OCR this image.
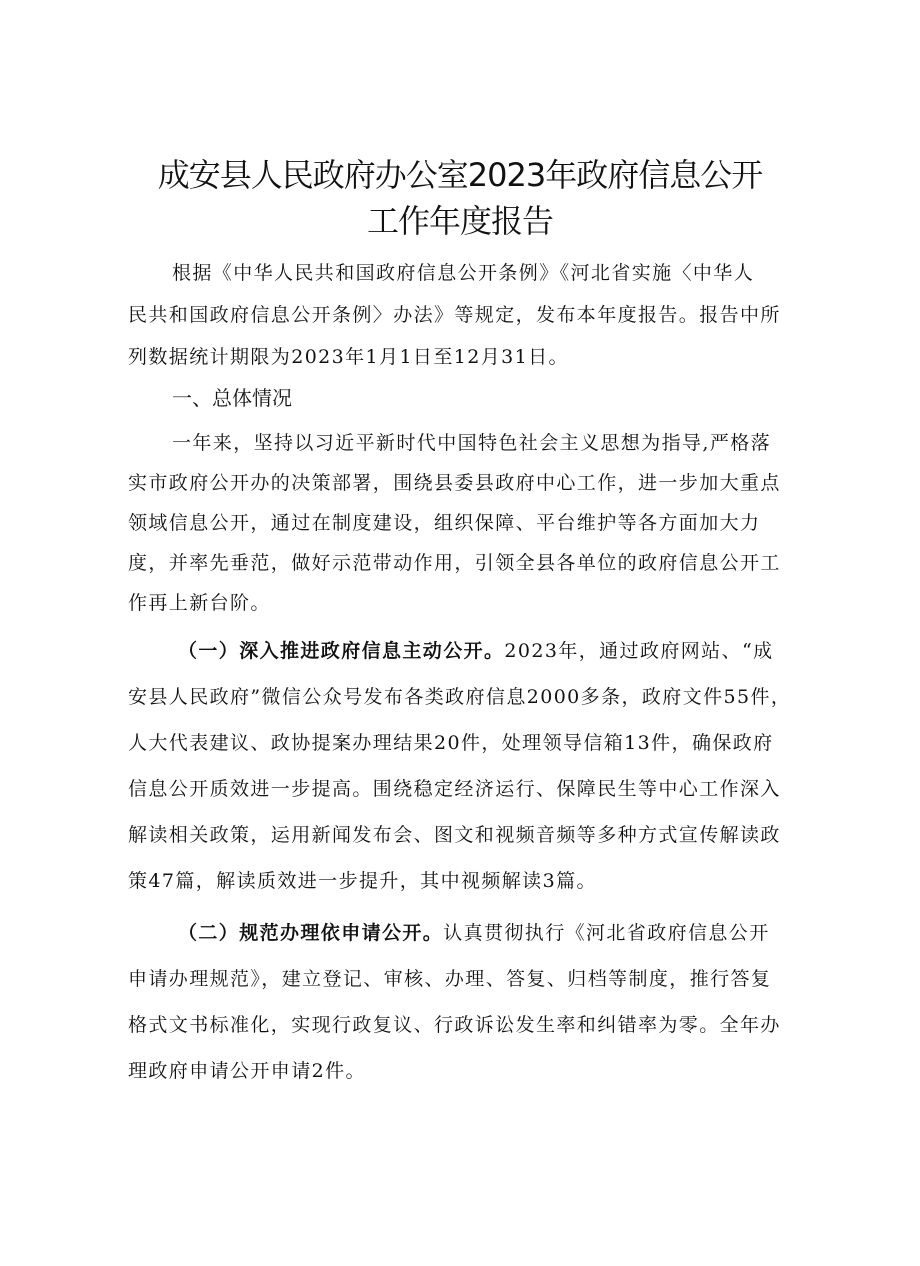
成安县人民政府办公室2023年政府信息公开
工作年度报告
根据《中华人民共和国政府信息公开条例》《河北省实施〈中华人
民共和国政府信息公开条例〉办法》等规定，发布本年度报告。报告中所
列数据统计期限为2023年1月1日至12月31日。
一、总体情况
一年来，坚持以习近平新时代中国特色社会主义思想为指导,严格落
实市政府公开办的决策部署，围绕县委县政府中心工作，进一步加大重点
领域信息公开，通过在制度建设，组织保障、平台维护等各方面加大力
度，并率先垂范，做好示范带动作用，引领全县各单位的政府信息公开工
作再上新台阶。
（一）深入推进政府信息主动公开。2023年，通过政府网站、“成
安县人民政府”微信公众号发布各类政府信息2000多条，政府文件55件，
人大代表建议、政协提案办理结果20件，处理领导信箱13件，确保政府
信息公开质效进一步提高。围绕稳定经济运行、保障民生等中心工作深入
解读相关政策，运用新闻发布会、图文和视频音频等多种方式宣传解读政
策47篇，解读质效进一步提升，其中视频解读3篇。
（二）规范办理依申请公开。认真贯彻执行《河北省政府信息公开
申请办理规范》，建立登记、审核、办理、答复、归档等制度，推行答复
格式文书标准化，实现行政复议、行政诉讼发生率和纠错率为零。全年办
理政府申请公开申请2件。
